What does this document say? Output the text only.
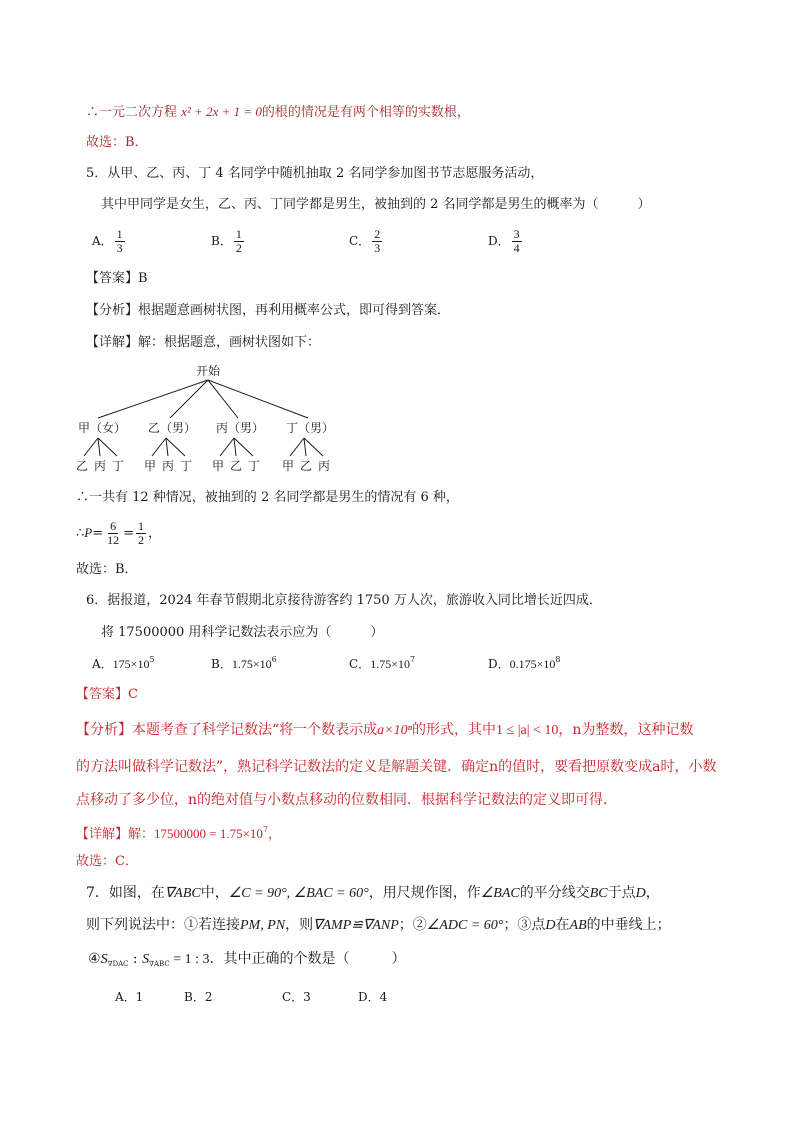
∴一元二次方程 x² + 2x + 1 = 0的根的情况是有两个相等的实数根，
故选：B．
5．从甲、乙、丙、丁 4 名同学中随机抽取 2 名同学参加图书节志愿服务活动，
其中甲同学是女生，乙、丙、丁同学都是男生，被抽到的 2 名同学都是男生的概率为（　　　）
A． $\frac{1}{3}$	B． $\frac{1}{2}$	C． $\frac{2}{3}$	D． $\frac{3}{4}$
【答案】B
【分析】根据题意画树状图，再利用概率公式，即可得到答案．
【详解】解：根据题意，画树状图如下：
开始
甲（女） 乙（男） 丙（男） 丁（男）
乙 丙 丁 甲 丙 丁 甲 乙 丁 甲 乙 丙
∴一共有 12 种情况，被抽到的 2 名同学都是男生的情况有 6 种，
∴P= $\frac{6}{12} = \frac{1}{2}$ ，
故选：B．
6．据报道，2024 年春节假期北京接待游客约 1750 万人次，旅游收入同比增长近四成．
将 17500000 用科学记数法表示应为（　　　）
A．$175\times 10^5$	B．$1.75\times 10^6$	C．$1.75\times 10^7$	D．$0.175\times 10^8$
【答案】C
【分析】本题考查了科学记数法“将一个数表示成a×10ⁿ的形式，其中1 ≤ |a| < 10，n为整数，这种记数
的方法叫做科学记数法”，熟记科学记数法的定义是解题关键．确定n的值时，要看把原数变成a时，小数
点移动了多少位，n的绝对值与小数点移动的位数相同．根据科学记数法的定义即可得．
【详解】解：$17500000 = 1.75\times 10^7$，
故选：C．
7．如图，在∇ABC中，∠C = 90°, ∠BAC = 60°，用尺规作图，作∠BAC的平分线交BC于点D，
则下列说法中：①若连接PM, PN，则∇AMP≌∇ANP；②∠ADC = 60°；③点D在AB的中垂线上；
$④S_{\nabla DAC}$ : $S_{\nabla ABC} = 1$ : 3．其中正确的个数是（　　　）
A．1	B．2	C．3	D．4
